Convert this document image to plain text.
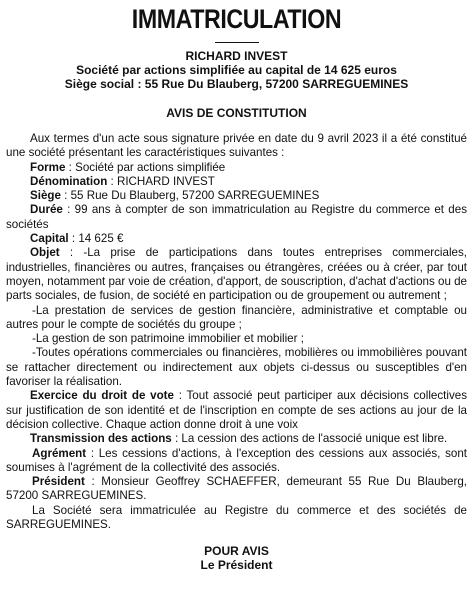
IMMATRICULATION
RICHARD INVEST
Société par actions simplifiée au capital de 14 625 euros
Siège social : 55 Rue Du Blauberg, 57200 SARREGUEMINES
AVIS DE CONSTITUTION

Aux termes d'un acte sous signature privée en date du 9 avril 2023 il a été constitué une société présentant les caractéristiques suivantes :

Forme : Société par actions simplifiée

Dénomination : RICHARD INVEST

Siège : 55 Rue Du Blauberg, 57200 SARREGUEMINES

Durée : 99 ans à compter de son immatriculation au Registre du commerce et des sociétés

Capital : 14 625 €

Objet : -La prise de participations dans toutes entreprises commerciales, industrielles, financières ou autres, françaises ou étrangères, créées ou à créer, par tout moyen, notamment par voie de création, d'apport, de souscription, d'achat d'actions ou de parts sociales, de fusion, de société en participation ou de groupement ou autrement ;

-La prestation de services de gestion financière, administrative et comptable ou autres pour le compte de sociétés du groupe ;

-La gestion de son patrimoine immobilier et mobilier ;

-Toutes opérations commerciales ou financières, mobilières ou immobilières pouvant se rattacher directement ou indirectement aux objets ci-dessus ou susceptibles d'en favoriser la réalisation.

Exercice du droit de vote : Tout associé peut participer aux décisions collectives sur justification de son identité et de l'inscription en compte de ses actions au jour de la décision collective. Chaque action donne droit à une voix

Transmission des actions : La cession des actions de l'associé unique est libre.

Agrément : Les cessions d'actions, à l'exception des cessions aux associés, sont soumises à l'agrément de la collectivité des associés.

Président : Monsieur Geoffrey SCHAEFFER, demeurant 55 Rue Du Blauberg, 57200 SARREGUEMINES.

La Société sera immatriculée au Registre du commerce et des sociétés de SARREGUEMINES.

POUR AVIS
Le Président
